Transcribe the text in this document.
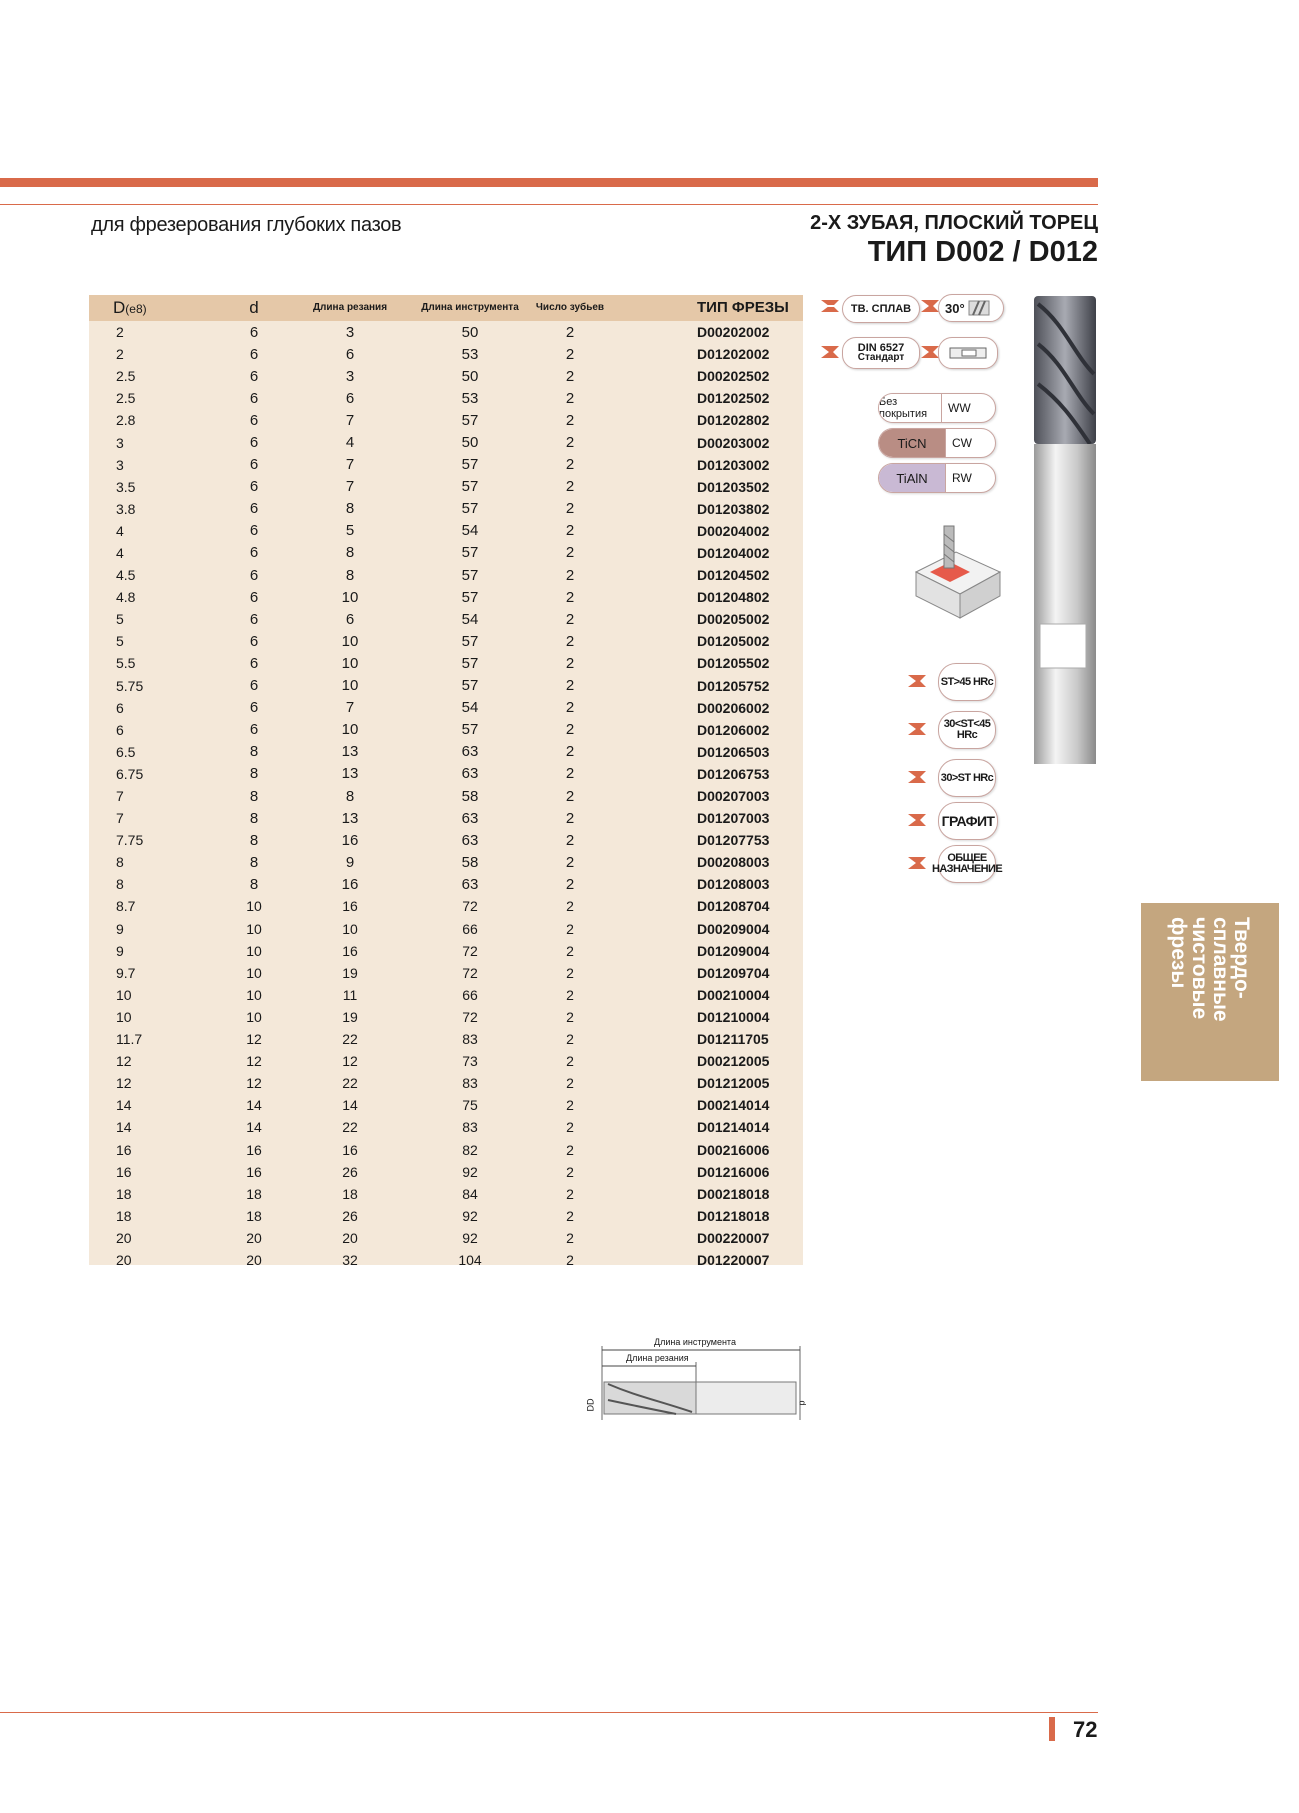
для фрезерования глубоких пазов	2-Х ЗУБАЯ, ПЛОСКИЙ ТОРЕЦ
ТИП D002 / D012
D(e8)	d	Длина резания	Длина инструмента	Число зубьев	ТИП ФРЕЗЫ
2	6	3	50	2	D00202002
2	6	6	53	2	D01202002
2.5	6	3	50	2	D00202502
2.5	6	6	53	2	D01202502
2.8	6	7	57	2	D01202802
3	6	4	50	2	D00203002
3	6	7	57	2	D01203002
3.5	6	7	57	2	D01203502
3.8	6	8	57	2	D01203802
4	6	5	54	2	D00204002
4	6	8	57	2	D01204002
4.5	6	8	57	2	D01204502
4.8	6	10	57	2	D01204802
5	6	6	54	2	D00205002
5	6	10	57	2	D01205002
5.5	6	10	57	2	D01205502
5.75	6	10	57	2	D01205752
6	6	7	54	2	D00206002
6	6	10	57	2	D01206002
6.5	8	13	63	2	D01206503
6.75	8	13	63	2	D01206753
7	8	8	58	2	D00207003
7	8	13	63	2	D01207003
7.75	8	16	63	2	D01207753
8	8	9	58	2	D00208003
8	8	16	63	2	D01208003
8.7	10	16	72	2	D01208704
9	10	10	66	2	D00209004
9	10	16	72	2	D01209004
9.7	10	19	72	2	D01209704
10	10	11	66	2	D00210004
10	10	19	72	2	D01210004
11.7	12	22	83	2	D01211705
12	12	12	73	2	D00212005
12	12	22	83	2	D01212005
14	14	14	75	2	D00214014
14	14	22	83	2	D01214014
16	16	16	82	2	D00216006
16	16	26	92	2	D01216006
18	18	18	84	2	D00218018
18	18	26	92	2	D01218018
20	20	20	92	2	D00220007
20	20	32	104	2	D01220007
ТВ. СПЛАВ	30°
DIN 6527
Стандарт
Без покрытия	WW
TiCN	CW
TiAlN	RW
ST>45 HRc
30<ST<45 HRc
30>ST HRc
ГРАФИТ
ОБЩЕЕ НАЗНАЧЕНИЕ
Твердо-
сплавные
чистовые
фрезы
Длина инструмента
Длина резания
DD	d
72
